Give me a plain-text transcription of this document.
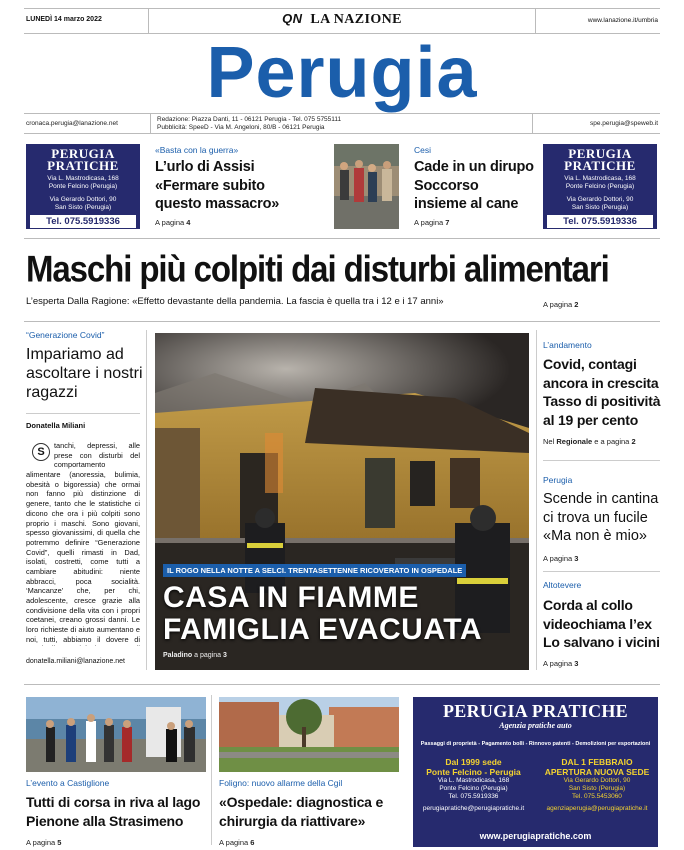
LUNEDÌ 14 marzo 2022	QN LA NAZIONE	www.lanazione.it/umbria
Perugia
cronaca.perugia@lanazione.net
Redazione: Piazza Danti, 11 - 06121 Perugia - Tel. 075 5755111
Pubblicità: SpeeD - Via M. Angeloni, 80/B - 06121 Perugia
spe.perugia@speweb.it
PERUGIA
PRATICHE
Via L. Mastrodicasa, 168
Ponte Felcino (Perugia)
Via Gerardo Dottori, 90
San Sisto (Perugia)
Tel. 075.5919336
«Basta con la guerra»
L’urlo di Assisi «Fermare subito questo massacro»
A pagina 4
Cesi
Cade in un dirupo Soccorso insieme al cane
A pagina 7
PERUGIA
PRATICHE
Via L. Mastrodicasa, 168
Ponte Felcino (Perugia)
Via Gerardo Dottori, 90
San Sisto (Perugia)
Tel. 075.5919336
Maschi più colpiti dai disturbi alimentari
L’esperta Dalla Ragione: «Effetto devastante della pandemia. La fascia è quella tra i 12 e i 17 anni»	A pagina 2
“Generazione Covid”
Impariamo ad ascoltare i nostri ragazzi
Donatella Miliani
S
tanchi, depressi, alle prese con disturbi del comportamento alimentare (anoressia, bulimia, obesità o bigoressia) che ormai non fanno più distinzione di genere, tanto che le statistiche ci dicono che ora i più colpiti sono proprio i maschi. Sono giovani, spesso giovanissimi, di quella che potremmo definire “Generazione Covid”, quelli rimasti in Dad, isolati, costretti, come tutti a cambiare abitudini: niente abbracci, poca socialità. ‘Mancanze’ che, per chi, adolescente, cresce grazie alla condivisione della vita con i propri coetanei, creano grossi danni. Le loro richieste di aiuto aumentano e noi, tutti, abbiamo il dovere di
donatella.miliani@lanazione.net
IL ROGO NELLA NOTTE A SELCI. TRENTASETTENNE RICOVERATO IN OSPEDALE
CASA IN FIAMME
FAMIGLIA EVACUATA
Paladino a pagina 3
L’andamento
Covid, contagi ancora in crescita Tasso di positività al 19 per cento
Nel Regionale e a pagina 2
Perugia
Scende in cantina ci trova un fucile «Ma non è mio»
A pagina 3
Altotevere
Corda al collo videochiama l’ex Lo salvano i vicini
A pagina 3
L’evento a Castiglione
Tutti di corsa in riva al lago Pienone alla Strasimeno
A pagina 5
Foligno: nuovo allarme della Cgil
«Ospedale: diagnostica e chirurgia da riattivare»
A pagina 6
PERUGIA PRATICHE
Agenzia pratiche auto
Passaggi di proprietà - Pagamento bolli - Rinnovo patenti - Demolizioni per esportazioni
Dal 1999 sede
Ponte Felcino - Perugia
Via L. Mastrodicasa, 168
Ponte Felcino (Perugia)
Tel. 075.5919336
perugiapratiche@perugiapratiche.it
DAL 1 FEBBRAIO
APERTURA NUOVA SEDE
Via Gerardo Dottori, 90
San Sisto (Perugia)
Tel. 075.5453060
agenziaperugia@perugiapratiche.it
www.perugiapratiche.com
